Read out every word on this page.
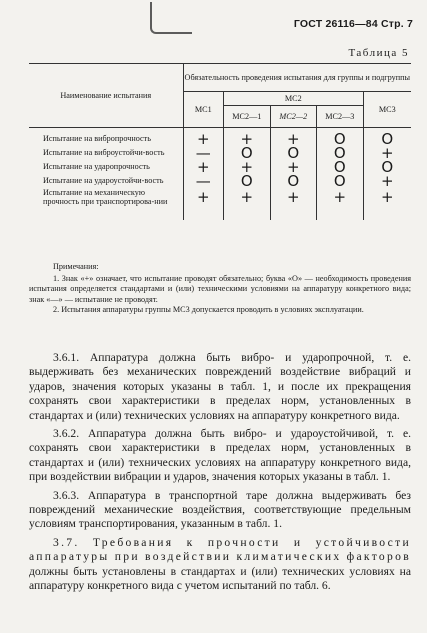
ГОСТ 26116—84 Стр. 7
Таблица 5
Наименование испытания	Обязательность проведения испытания для группы и подгруппы				
	МС1	МС2			МС3
		МС2—1	МС2—2	МС2—3	
Испытание на вибропрочность	+	+	+	О	О
Испытание на виброустойчи-вость	—	О	О	О	+
Испытание на ударопрочность	+	+	+	О	О
Испытание на удароустойчи-вость	—	О	О	О	+
Испытание на механическую прочность при транспортирова-нии	+	+	+	+	+
Примечания:

1. Знак «+» означает, что испытание проводят обязательно; буква «О» — необходимость проведения испытания определяется стандартами и (или) техническими условиями на аппаратуру конкретного вида; знак «—» — испытание не проводят.

2. Испытания аппаратуры группы МС3 допускается проводить в условиях эксплуатации.

3.6.1. Аппаратура должна быть вибро- и ударопрочной, т. е. выдерживать без механических повреждений воздействие вибраций и ударов, значения которых указаны в табл. 1, и после их прекращения сохранять свои характеристики в пределах норм, установленных в стандартах и (или) технических условиях на аппаратуру конкретного вида.

3.6.2. Аппаратура должна быть вибро- и удароустойчивой, т. е. сохранять свои характеристики в пределах норм, установленных в стандартах и (или) технических условиях на аппаратуру конкретного вида, при воздействии вибрации и ударов, значения которых указаны в табл. 1.

3.6.3. Аппаратура в транспортной таре должна выдерживать без повреждений механические воздействия, соответствующие предельным условиям транспортирования, указанным в табл. 1.

3.7. Требования к прочности и устойчивости аппаратуры при воздействии климатических факторов должны быть установлены в стандартах и (или) технических условиях на аппаратуру конкретного вида с учетом испытаний по табл. 6.
